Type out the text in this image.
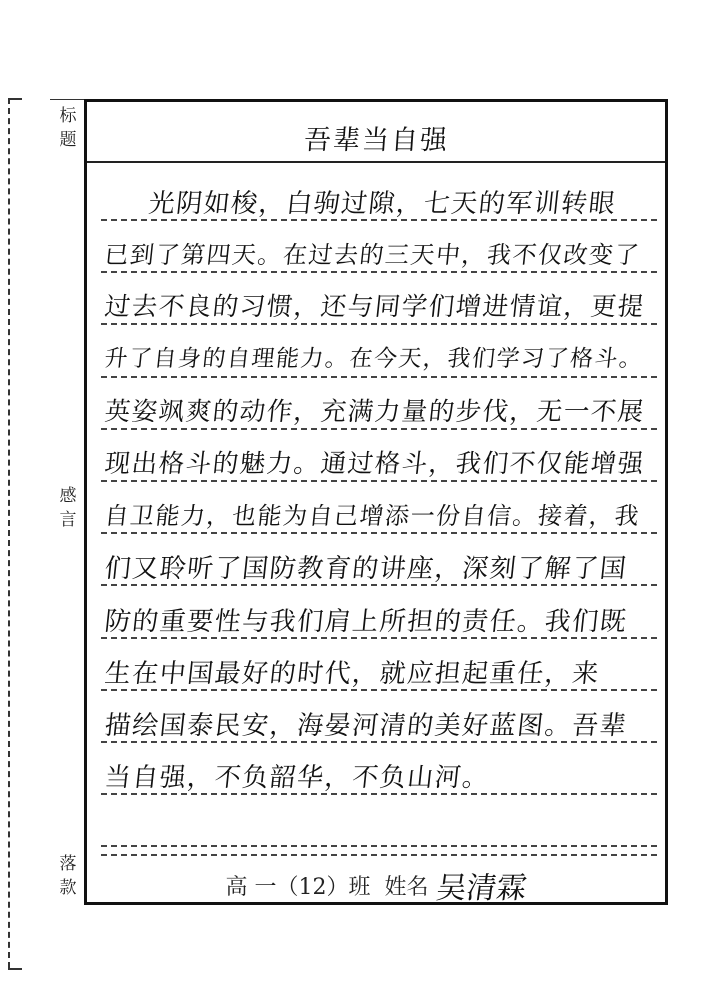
标题
感言
落款
吾辈当自强
光阴如梭，白驹过隙，七天的军训转眼
已到了第四天。在过去的三天中，我不仅改变了
过去不良的习惯，还与同学们增进情谊，更提
升了自身的自理能力。在今天，我们学习了格斗。
英姿飒爽的动作，充满力量的步伐，无一不展
现出格斗的魅力。通过格斗，我们不仅能增强
自卫能力，也能为自己增添一份自信。接着，我
们又聆听了国防教育的讲座，深刻了解了国
防的重要性与我们肩上所担的责任。我们既
生在中国最好的时代，就应担起重任，来
描绘国泰民安，海晏河清的美好蓝图。吾辈
当自强，不负韶华，不负山河。
高 一（12）班 姓名 吴清霖
